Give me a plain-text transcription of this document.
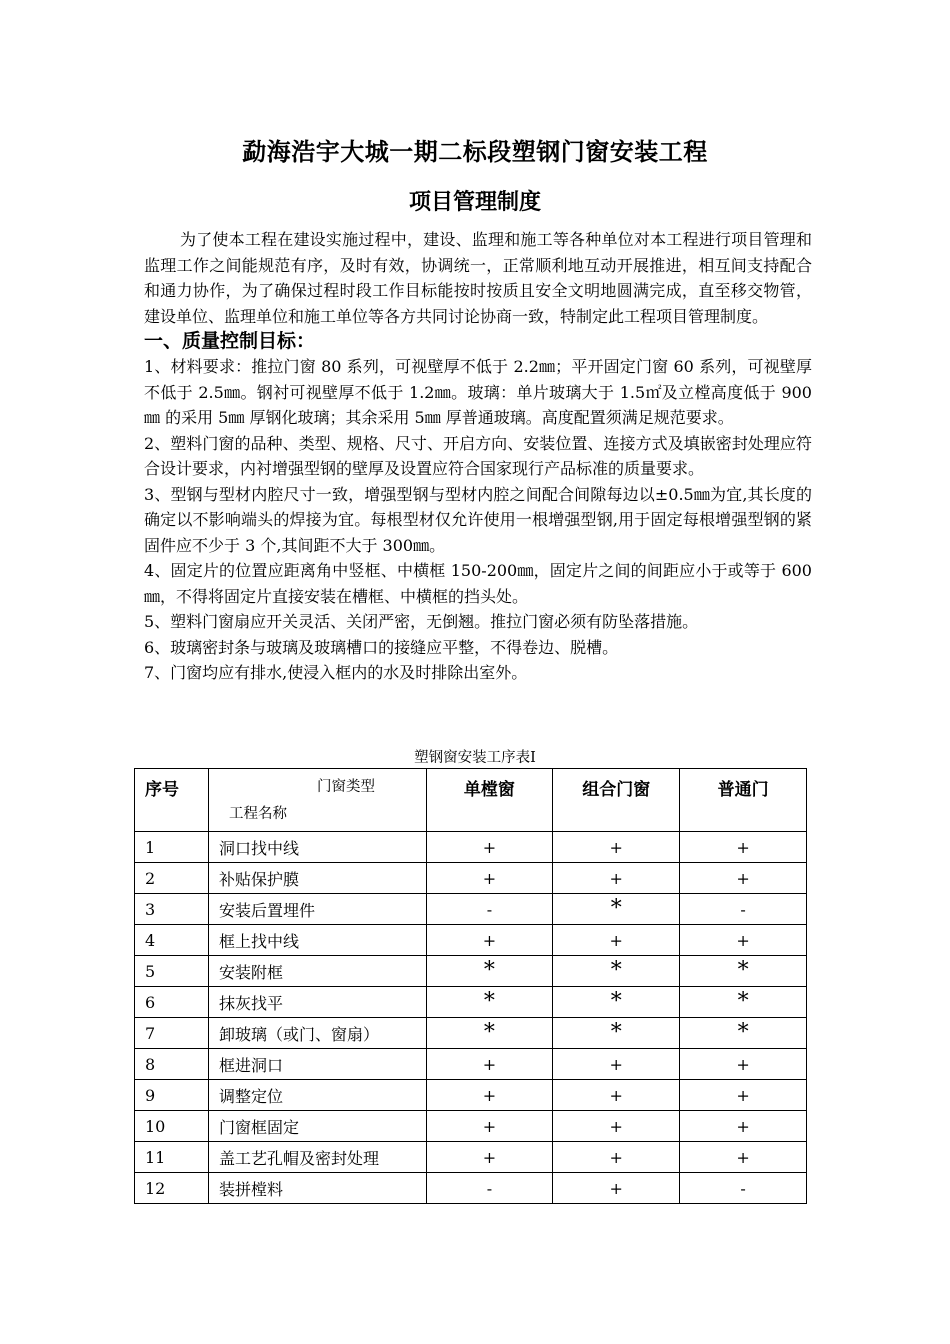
勐海浩宇大城一期二标段塑钢门窗安装工程
项目管理制度

为了使本工程在建设实施过程中，建设、监理和施工等各种单位对本工程进行项目管理和监理工作之间能规范有序，及时有效，协调统一，正常顺利地互动开展推进，相互间支持配合和通力协作，为了确保过程时段工作目标能按时按质且安全文明地圆满完成，直至移交物管，建设单位、监理单位和施工单位等各方共同讨论协商一致，特制定此工程项目管理制度。

一、质量控制目标：

1、材料要求：推拉门窗 80 系列，可视壁厚不低于 2.2㎜；平开固定门窗 60 系列，可视壁厚不低于 2.5㎜。钢衬可视壁厚不低于 1.2㎜。玻璃：单片玻璃大于 1.5㎡及立樘高度低于 900㎜ 的采用 5㎜ 厚钢化玻璃；其余采用 5㎜ 厚普通玻璃。高度配置须满足规范要求。

2、塑料门窗的品种、类型、规格、尺寸、开启方向、安装位置、连接方式及填嵌密封处理应符合设计要求，内衬增强型钢的壁厚及设置应符合国家现行产品标准的质量要求。

3、型钢与型材内腔尺寸一致，增强型钢与型材内腔之间配合间隙每边以±0.5㎜为宜,其长度的确定以不影响端头的焊接为宜。每根型材仅允许使用一根增强型钢,用于固定每根增强型钢的紧固件应不少于 3 个,其间距不大于 300㎜。

4、固定片的位置应距离角中竖框、中横框 150-200㎜，固定片之间的间距应小于或等于 600㎜，不得将固定片直接安装在槽框、中横框的挡头处。

5、塑料门窗扇应开关灵活、关闭严密，无倒翘。推拉门窗必须有防坠落措施。

6、玻璃密封条与玻璃及玻璃槽口的接缝应平整，不得卷边、脱槽。

7、门窗均应有排水,使浸入框内的水及时排除出室外。

塑钢窗安装工序表Ⅰ
序号	门窗类型
工程名称	单樘窗	组合门窗	普通门
1	洞口找中线	+	+	+
2	补贴保护膜	+	+	+
3	安装后置埋件	-	*	-
4	框上找中线	+	+	+
5	安装附框	*	*	*
6	抹灰找平	*	*	*
7	卸玻璃（或门、窗扇）	*	*	*
8	框进洞口	+	+	+
9	调整定位	+	+	+
10	门窗框固定	+	+	+
11	盖工艺孔帽及密封处理	+	+	+
12	装拼樘料	-	+	-
